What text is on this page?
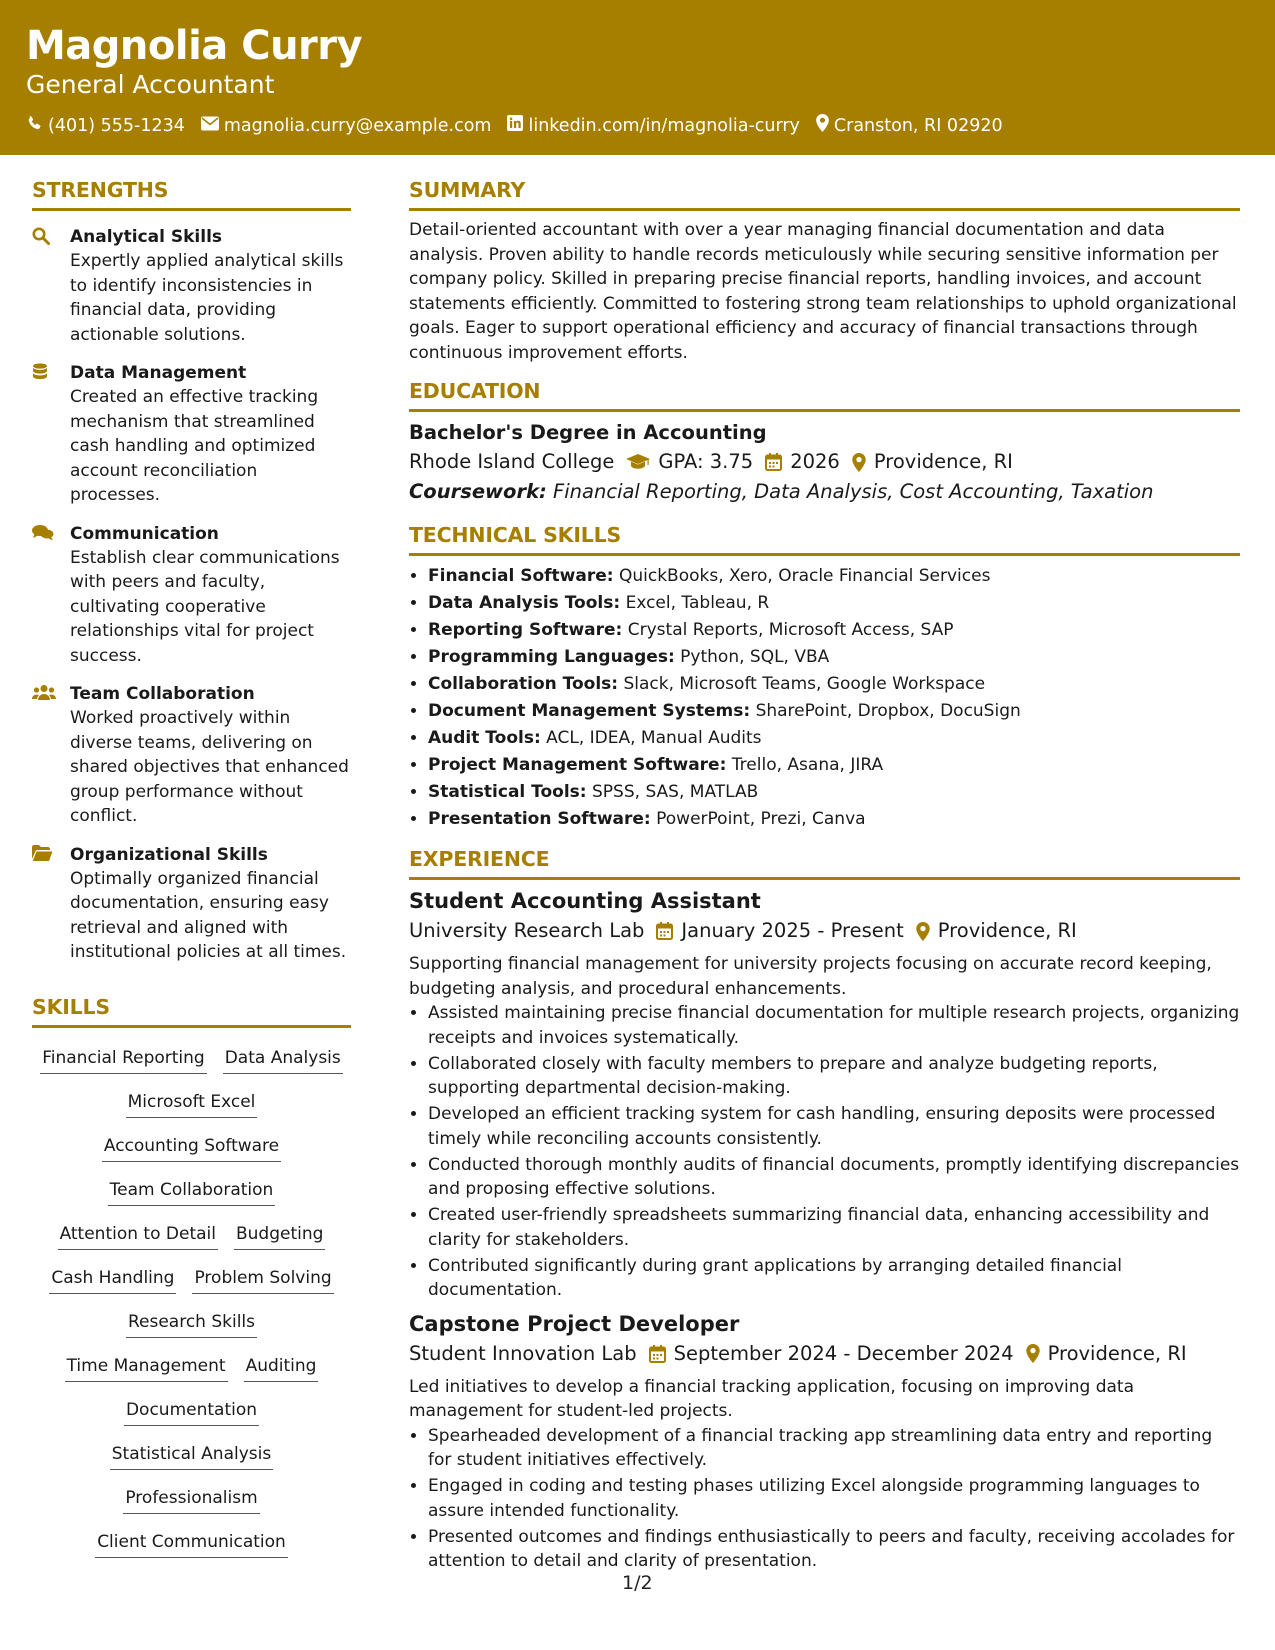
Magnolia Curry
General Accountant
(401) 555-1234 magnolia.curry@example.com linkedin.com/in/magnolia-curry Cranston, RI 02920
STRENGTHS
Analytical Skills
Expertly applied analytical skills to identify inconsistencies in financial data, providing actionable solutions.
Data Management
Created an effective tracking mechanism that streamlined cash handling and optimized account reconciliation processes.
Communication
Establish clear communications with peers and faculty, cultivating cooperative relationships vital for project success.
Team Collaboration
Worked proactively within diverse teams, delivering on shared objectives that enhanced group performance without conflict.
Organizational Skills
Optimally organized financial documentation, ensuring easy retrieval and aligned with institutional policies at all times.
SKILLS
Financial Reporting Data Analysis
Microsoft Excel
Accounting Software
Team Collaboration
Attention to Detail Budgeting
Cash Handling Problem Solving
Research Skills
Time Management Auditing
Documentation
Statistical Analysis
Professionalism
Client Communication
SUMMARY
Detail-oriented accountant with over a year managing financial documentation and data analysis. Proven ability to handle records meticulously while securing sensitive information per company policy. Skilled in preparing precise financial reports, handling invoices, and account statements efficiently. Committed to fostering strong team relationships to uphold organizational goals. Eager to support operational efficiency and accuracy of financial transactions through continuous improvement efforts.
EDUCATION
Bachelor's Degree in Accounting
Rhode Island College GPA: 3.75 2026 Providence, RI
Coursework: Financial Reporting, Data Analysis, Cost Accounting, Taxation
TECHNICAL SKILLS
• Financial Software: QuickBooks, Xero, Oracle Financial Services
• Data Analysis Tools: Excel, Tableau, R
• Reporting Software: Crystal Reports, Microsoft Access, SAP
• Programming Languages: Python, SQL, VBA
• Collaboration Tools: Slack, Microsoft Teams, Google Workspace
• Document Management Systems: SharePoint, Dropbox, DocuSign
• Audit Tools: ACL, IDEA, Manual Audits
• Project Management Software: Trello, Asana, JIRA
• Statistical Tools: SPSS, SAS, MATLAB
• Presentation Software: PowerPoint, Prezi, Canva
EXPERIENCE
Student Accounting Assistant
University Research Lab January 2025 - Present Providence, RI
Supporting financial management for university projects focusing on accurate record keeping, budgeting analysis, and procedural enhancements.
• Assisted maintaining precise financial documentation for multiple research projects, organizing receipts and invoices systematically.
• Collaborated closely with faculty members to prepare and analyze budgeting reports, supporting departmental decision-making.
• Developed an efficient tracking system for cash handling, ensuring deposits were processed timely while reconciling accounts consistently.
• Conducted thorough monthly audits of financial documents, promptly identifying discrepancies and proposing effective solutions.
• Created user-friendly spreadsheets summarizing financial data, enhancing accessibility and clarity for stakeholders.
• Contributed significantly during grant applications by arranging detailed financial documentation.
Capstone Project Developer
Student Innovation Lab September 2024 - December 2024 Providence, RI
Led initiatives to develop a financial tracking application, focusing on improving data management for student-led projects.
• Spearheaded development of a financial tracking app streamlining data entry and reporting for student initiatives effectively.
• Engaged in coding and testing phases utilizing Excel alongside programming languages to assure intended functionality.
• Presented outcomes and findings enthusiastically to peers and faculty, receiving accolades for attention to detail and clarity of presentation.
1/2
